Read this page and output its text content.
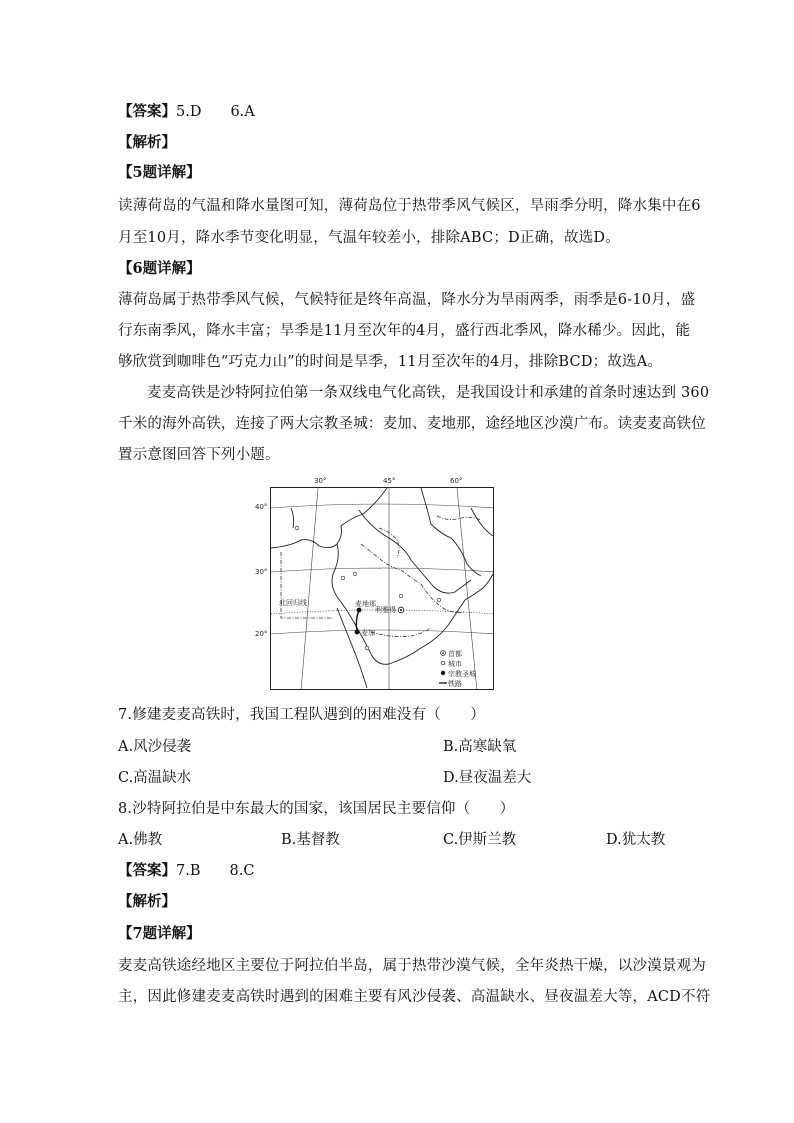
【答案】5.D　　6.A
【解析】
【5题详解】
读薄荷岛的气温和降水量图可知，薄荷岛位于热带季风气候区，旱雨季分明，降水集中在6
月至10月，降水季节变化明显，气温年较差小，排除ABC；D正确，故选D。
【6题详解】
薄荷岛属于热带季风气候，气候特征是终年高温，降水分为旱雨两季，雨季是6-10月，盛
行东南季风，降水丰富；旱季是11月至次年的4月，盛行西北季风，降水稀少。因此，能
够欣赏到咖啡色“巧克力山”的时间是旱季，11月至次年的4月，排除BCD；故选A。
麦麦高铁是沙特阿拉伯第一条双线电气化高铁，是我国设计和承建的首条时速达到 360
千米的海外高铁，连接了两大宗教圣城：麦加、麦地那，途经地区沙漠广布。读麦麦高铁位
置示意图回答下列小题。
30°	45°	60°
40°
30°
20°
北回归线	麦地那
利雅得
麦加
首都
城市
宗教圣城
铁路
7.修建麦麦高铁时，我国工程队遇到的困难没有（　　）
A.风沙侵袭	B.高寒缺氧
C.高温缺水	D.昼夜温差大
8.沙特阿拉伯是中东最大的国家，该国居民主要信仰（　　）
A.佛教	B.基督教	C.伊斯兰教	D.犹太教
【答案】7.B　　8.C
【解析】
【7题详解】
麦麦高铁途经地区主要位于阿拉伯半岛，属于热带沙漠气候，全年炎热干燥，以沙漠景观为
主，因此修建麦麦高铁时遇到的困难主要有风沙侵袭、高温缺水、昼夜温差大等，ACD不符
